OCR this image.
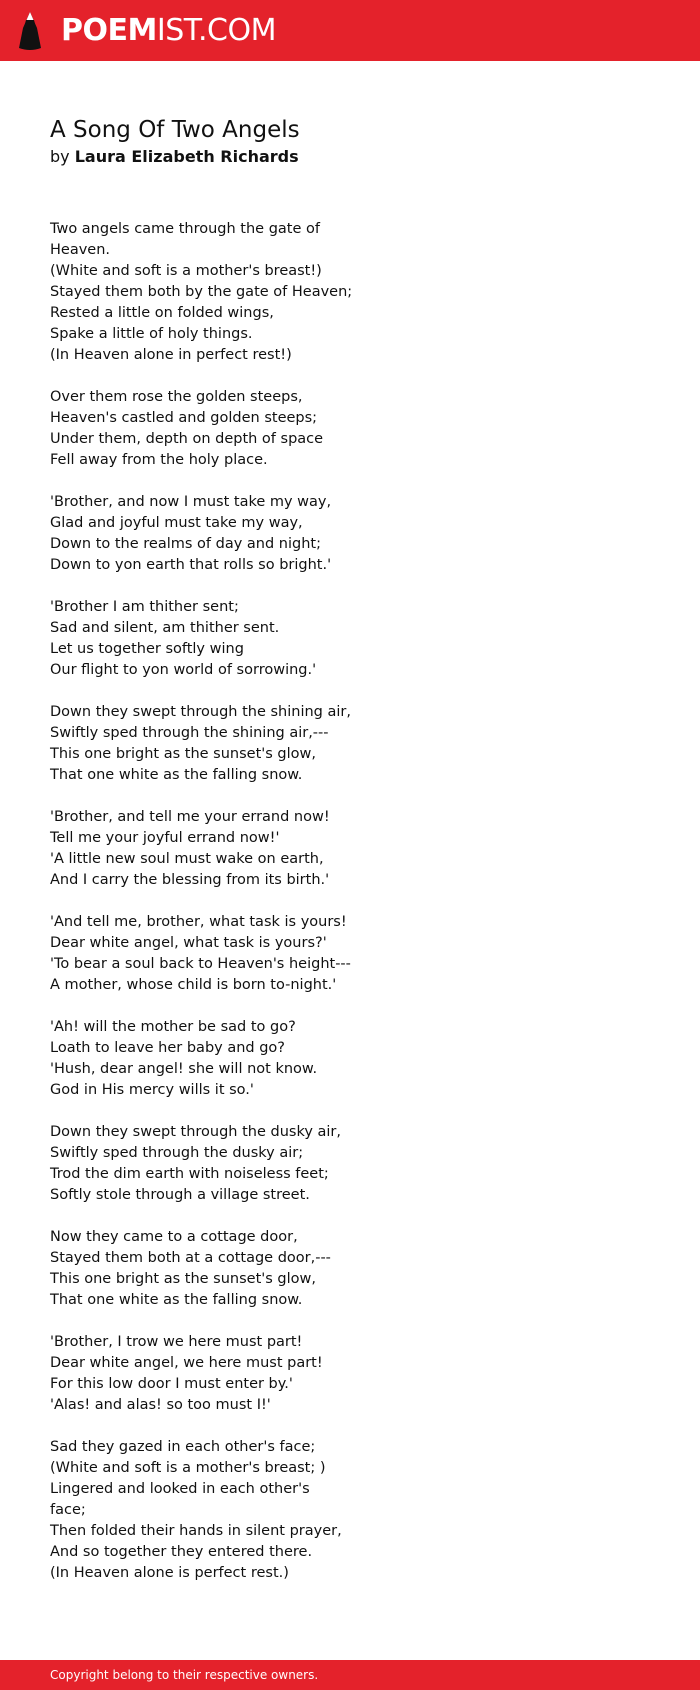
POEMIST.COM
A Song Of Two Angels
by Laura Elizabeth Richards
Two angels came through the gate of Heaven.
(White and soft is a mother's breast!)
Stayed them both by the gate of Heaven;
Rested a little on folded wings,
Spake a little of holy things.
(In Heaven alone in perfect rest!)
Over them rose the golden steeps,
Heaven's castled and golden steeps;
Under them, depth on depth of space
Fell away from the holy place.
'Brother, and now I must take my way,
Glad and joyful must take my way,
Down to the realms of day and night;
Down to yon earth that rolls so bright.'
'Brother I am thither sent;
Sad and silent, am thither sent.
Let us together softly wing
Our flight to yon world of sorrowing.'
Down they swept through the shining air,
Swiftly sped through the shining air,---
This one bright as the sunset's glow,
That one white as the falling snow.
'Brother, and tell me your errand now!
Tell me your joyful errand now!'
'A little new soul must wake on earth,
And I carry the blessing from its birth.'
'And tell me, brother, what task is yours!
Dear white angel, what task is yours?'
'To bear a soul back to Heaven's height---
A mother, whose child is born to-night.'
'Ah! will the mother be sad to go?
Loath to leave her baby and go?
'Hush, dear angel! she will not know.
God in His mercy wills it so.'
Down they swept through the dusky air,
Swiftly sped through the dusky air;
Trod the dim earth with noiseless feet;
Softly stole through a village street.
Now they came to a cottage door,
Stayed them both at a cottage door,---
This one bright as the sunset's glow,
That one white as the falling snow.
'Brother, I trow we here must part!
Dear white angel, we here must part!
For this low door I must enter by.'
'Alas! and alas! so too must I!'
Sad they gazed in each other's face;
(White and soft is a mother's breast; )
Lingered and looked in each other's face;
Then folded their hands in silent prayer,
And so together they entered there.
(In Heaven alone is perfect rest.)
Copyright belong to their respective owners.
